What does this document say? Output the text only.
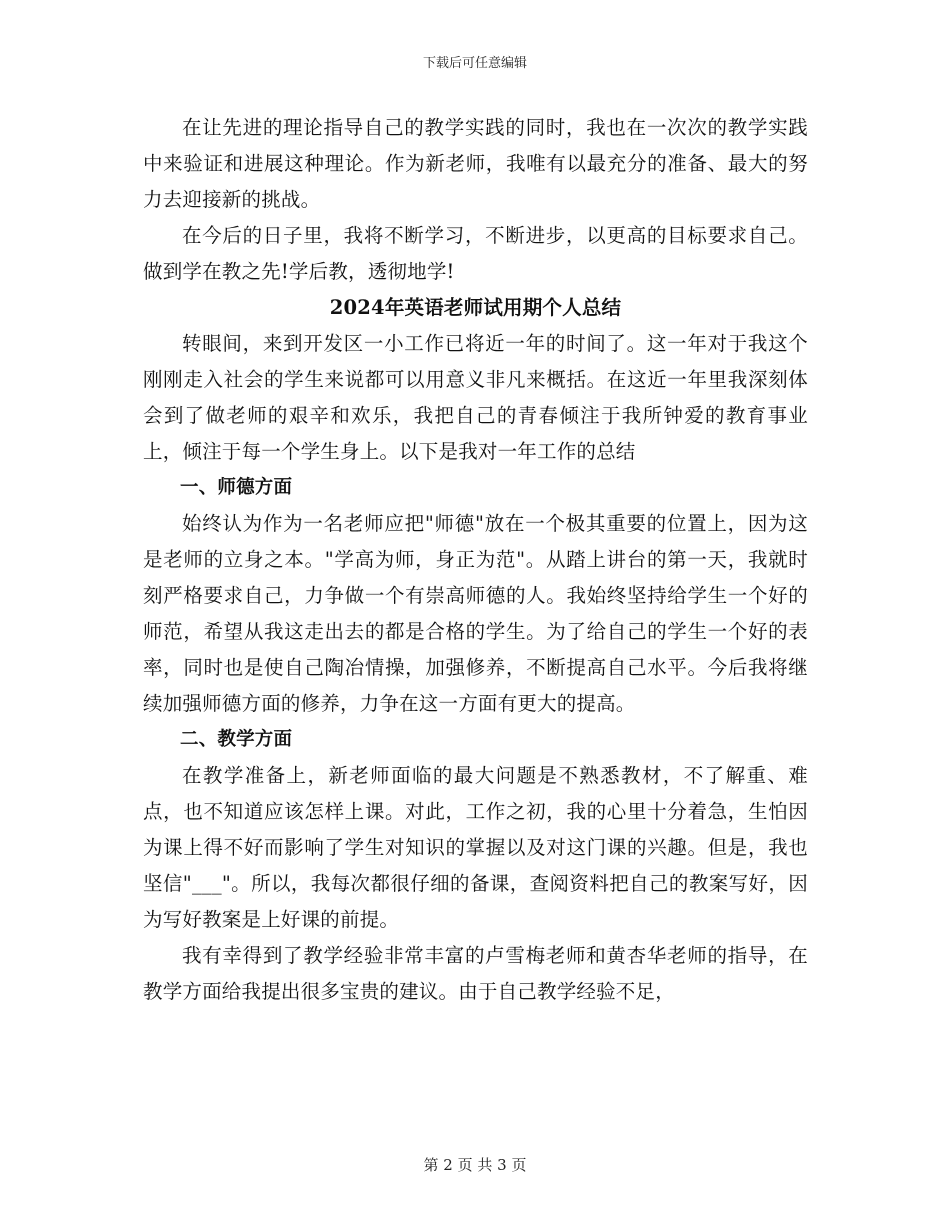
下载后可任意编辑

在让先进的理论指导自己的教学实践的同时，我也在一次次的教学实践中来验证和进展这种理论。作为新老师，我唯有以最充分的准备、最大的努力去迎接新的挑战。

在今后的日子里，我将不断学习，不断进步，以更高的目标要求自己。做到学在教之先!学后教，透彻地学!

2024年英语老师试用期个人总结

转眼间，来到开发区一小工作已将近一年的时间了。这一年对于我这个刚刚走入社会的学生来说都可以用意义非凡来概括。在这近一年里我深刻体会到了做老师的艰辛和欢乐，我把自己的青春倾注于我所钟爱的教育事业上，倾注于每一个学生身上。以下是我对一年工作的总结

一、师德方面

始终认为作为一名老师应把"师德"放在一个极其重要的位置上，因为这是老师的立身之本。"学高为师，身正为范"。从踏上讲台的第一天，我就时刻严格要求自己，力争做一个有崇高师德的人。我始终坚持给学生一个好的师范，希望从我这走出去的都是合格的学生。为了给自己的学生一个好的表率，同时也是使自己陶冶情操，加强修养，不断提高自己水平。今后我将继续加强师德方面的修养，力争在这一方面有更大的提高。

二、教学方面

在教学准备上，新老师面临的最大问题是不熟悉教材，不了解重、难点，也不知道应该怎样上课。对此，工作之初，我的心里十分着急，生怕因为课上得不好而影响了学生对知识的掌握以及对这门课的兴趣。但是，我也坚信"___"。所以，我每次都很仔细的备课，查阅资料把自己的教案写好，因为写好教案是上好课的前提。

我有幸得到了教学经验非常丰富的卢雪梅老师和黄杏华老师的指导，在教学方面给我提出很多宝贵的建议。由于自己教学经验不足，

第 2 页 共 3 页
